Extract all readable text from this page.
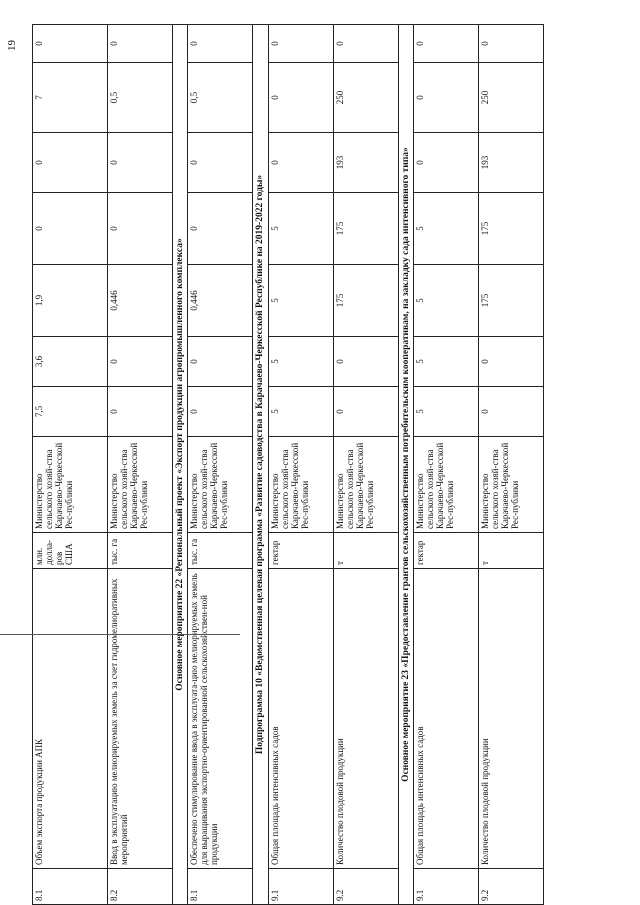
19
8.1	Объем экспорта продукции АПК	млн. долла-ров США	Министерство сельского хозяй-ства Карачаево-Черкесской Рес-публики	7,5	3,6	1,9	0	0	7	0
8.2	Ввод в эксплуатацию мелиорируемых земель за счет гидромелиоративных мероприятий	тыс. га	Министерство сельского хозяй-ства Карачаево-Черкесской Рес-публики	0	0	0,446	0	0	0,5	0
Основное мероприятие 22 «Региональный проект «Экспорт продукции агропромышленного комплекса»										
8.1	Обеспечено стимулирование ввода в эксплуата-цию мелиорируемых земель для выращивания экспортно-ориентированной сельскохозяйствен-ной продукции	тыс. га	Министерство сельского хозяй-ства Карачаево-Черкесской Рес-публики	0	0	0,446	0	0	0,5	0
Подпрограмма 10 «Ведомственная целевая программа «Развитие садоводства в Карачаево-Черкесской Республике на 2019-2022 годы»										
9.1	Общая площадь интенсивных садов	гектар	Министерство сельского хозяй-ства Карачаево-Черкесской Рес-публики	5	5	5	5	0	0	0
9.2	Количество плодовой продукции	т	Министерство сельского хозяй-ства Карачаево-Черкесской Рес-публики	0	0	175	175	193	250	0
Основное мероприятие 23 «Предоставление грантов сельскохозяйственным потребительским кооперативам, на закладку сада интенсивного типа»										
9.1	Общая площадь интенсивных садов	гектар	Министерство сельского хозяй-ства Карачаево-Черкесской Рес-публики	5	5	5	5	0	0	0
9.2	Количество плодовой продукции	т	Министерство сельского хозяй-ства Карачаево-Черкесской Рес-публики	0	0	175	175	193	250	0
